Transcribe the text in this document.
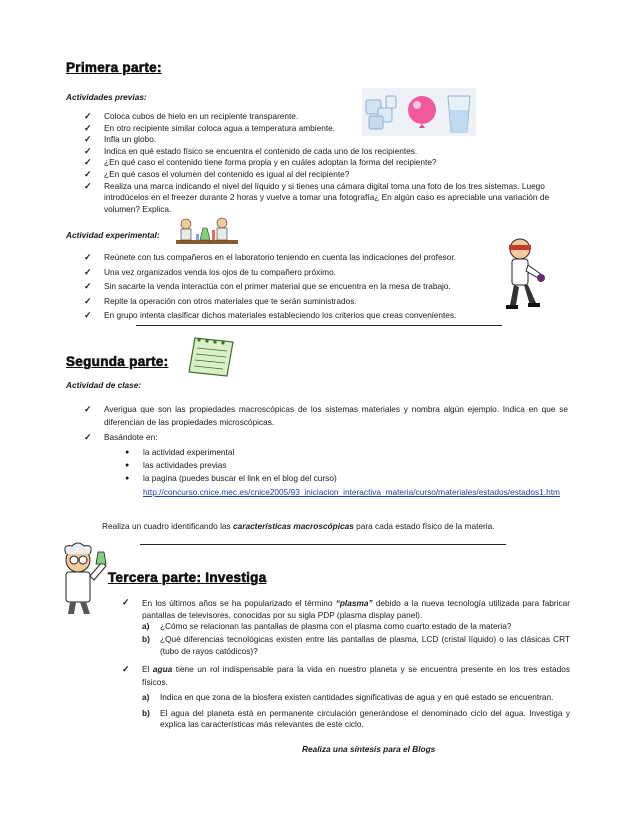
Primera parte:
Actividades previas:
✓ Coloca cubos de hielo en un recipiente transparente.
✓ En otro recipiente similar coloca agua a temperatura ambiente.
✓ Infla un globo.
✓ Indica en qué estado físico se encuentra el contenido de cada uno de los recipientes.
✓ ¿En qué caso el contenido tiene forma propia y en cuáles adoptan la forma del recipiente?
✓ ¿En qué casos el volumen del contenido es igual al del recipiente?
✓ Realiza una marca indicando el nivel del líquido y si tienes una cámara digital toma una foto de los tres sistemas. Luego introdúcelos en el freezer durante 2 horas y vuelve a tomar una fotografía¿ En algún caso es apreciable una variación de volumen? Explica.
Actividad experimental:
✓ Reúnete con tus compañeros en el laboratorio teniendo en cuenta las indicaciones del profesor.
✓ Una vez organizados venda los ojos de tu compañero próximo.
✓ Sin sacarte la venda interactúa con el primer material que se encuentra en la mesa de trabajo.
✓ Repite la operación con otros materiales que te serán suministrados.
✓ En grupo intenta clasificar dichos materiales estableciendo los criterios que creas convenientes.
Segunda parte:
Actividad de clase:
✓ Averigua que son las propiedades macroscópicas de los sistemas materiales y nombra algún ejemplo. Indica en que se diferencian de las propiedades microscópicas.
✓ Basándote en:
● la actividad experimental
● las actividades previas
● la pagina (puedes buscar el link en el blog del curso)
http://concurso.cnice.mec.es/cnice2005/93_iniciacion_interactiva_materia/curso/materiales/estados/estados1.htm
Realiza un cuadro identificando las características macroscópicas para cada estado físico de la materia.
Tercera parte: Investiga
✓ En los últimos años se ha popularizado el término “plasma” debido a la nueva tecnología utilizada para fabricar pantallas de televisores, conocidas por su sigla PDP (plasma display panel).
a)	¿Cómo se relacionan las pantallas de plasma con el plasma como cuarto estado de la materia?
b)	¿Qué diferencias tecnológicas existen entre las pantallas de plasma, LCD (cristal líquido) o las clásicas CRT (tubo de rayos catódicos)?
✓ El agua tiene un rol indispensable para la vida en nuestro planeta y se encuentra presente en los tres estados físicos.
a)	Indica en que zona de la biosfera existen cantidades significativas de agua y en qué estado se encuentran.
b)	El agua del planeta está en permanente circulación generándose el denominado ciclo del agua. Investiga y explica las características más relevantes de este ciclo.
Realiza una síntesis para el Blogs
